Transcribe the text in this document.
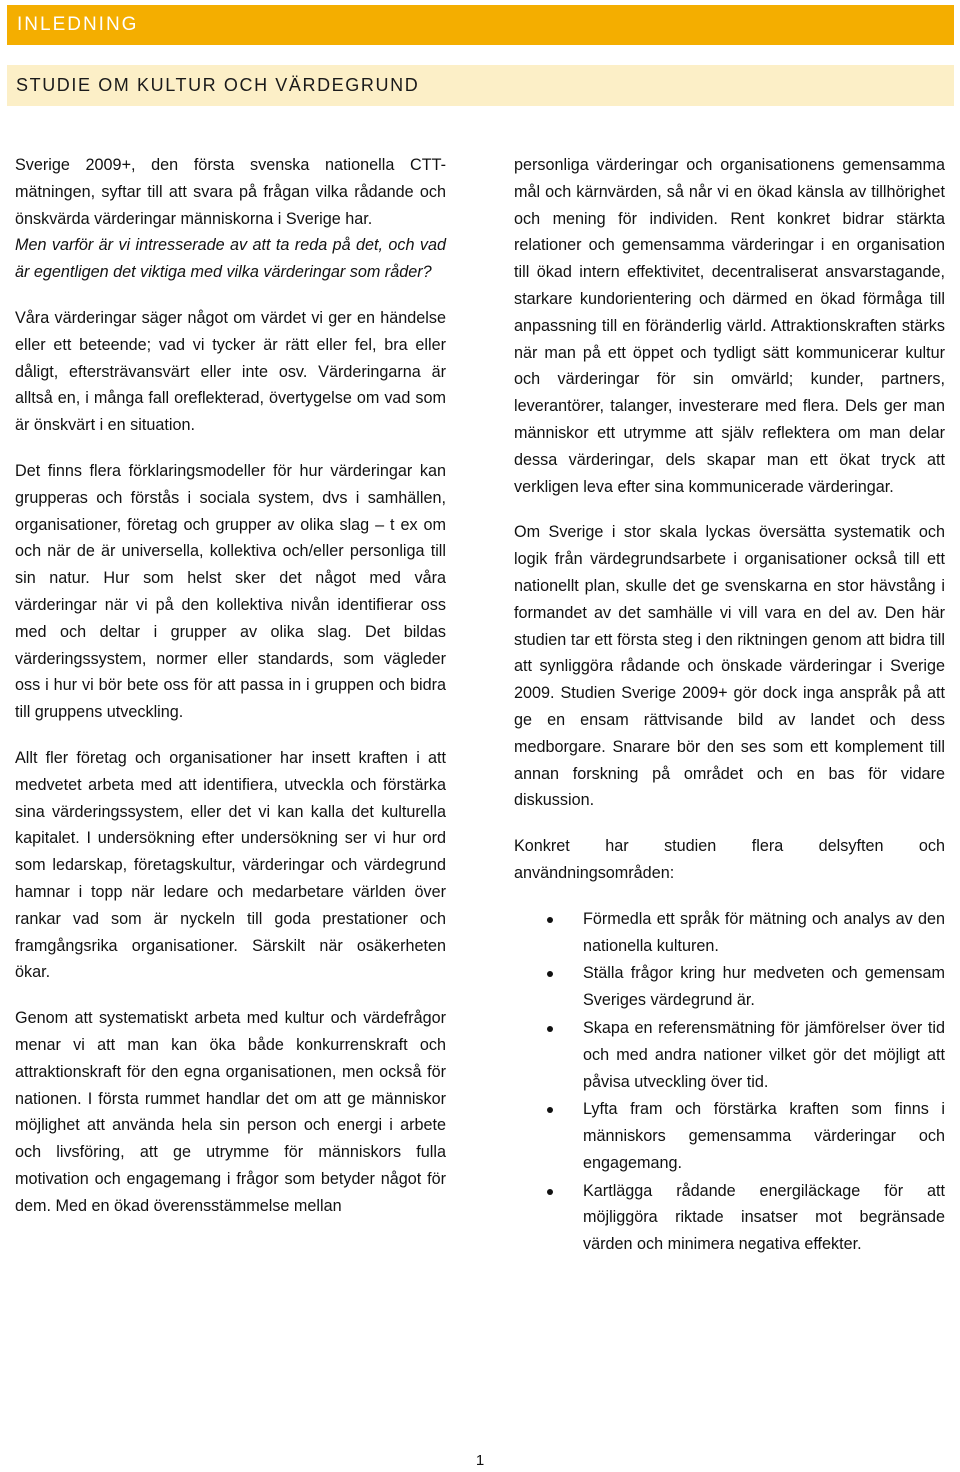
INLEDNING
STUDIE OM KULTUR OCH VÄRDEGRUND

Sverige 2009+, den första svenska nationella CTT-mätningen, syftar till att svara på frågan vilka rådande och önskvärda värderingar människorna i Sverige har.

Men varför är vi intresserade av att ta reda på det, och vad är egentligen det viktiga med vilka värderingar som råder?

Våra värderingar säger något om värdet vi ger en händelse eller ett beteende; vad vi tycker är rätt eller fel, bra eller dåligt, eftersträvansvärt eller inte osv. Värderingarna är alltså en, i många fall oreflekterad, övertygelse om vad som är önskvärt i en situation.

Det finns flera förklaringsmodeller för hur värderingar kan grupperas och förstås i sociala system, dvs i samhällen, organisationer, företag och grupper av olika slag – t ex om och när de är universella, kollektiva och/eller personliga till sin natur. Hur som helst sker det något med våra värderingar när vi på den kollektiva nivån identifierar oss med och deltar i grupper av olika slag. Det bildas värderingssystem, normer eller standards, som vägleder oss i hur vi bör bete oss för att passa in i gruppen och bidra till gruppens utveckling.

Allt fler företag och organisationer har insett kraften i att medvetet arbeta med att identifiera, utveckla och förstärka sina värderingssystem, eller det vi kan kalla det kulturella kapitalet. I undersökning efter undersökning ser vi hur ord som ledarskap, företagskultur, värderingar och värdegrund hamnar i topp när ledare och medarbetare världen över rankar vad som är nyckeln till goda prestationer och framgångsrika organisationer. Särskilt när osäkerheten ökar.

Genom att systematiskt arbeta med kultur och värdefrågor menar vi att man kan öka både konkurrenskraft och attraktionskraft för den egna organisationen, men också för nationen. I första rummet handlar det om att ge människor möjlighet att använda hela sin person och energi i arbete och livsföring, att ge utrymme för människors fulla motivation och engagemang i frågor som betyder något för dem. Med en ökad överensstämmelse mellan

personliga värderingar och organisationens gemensamma mål och kärnvärden, så når vi en ökad känsla av tillhörighet och mening för individen. Rent konkret bidrar stärkta relationer och gemensamma värderingar i en organisation till ökad intern effektivitet, decentraliserat ansvarstagande, starkare kundorientering och därmed en ökad förmåga till anpassning till en föränderlig värld. Attraktionskraften stärks när man på ett öppet och tydligt sätt kommunicerar kultur och värderingar för sin omvärld; kunder, partners, leverantörer, talanger, investerare med flera. Dels ger man människor ett utrymme att själv reflektera om man delar dessa värderingar, dels skapar man ett ökat tryck att verkligen leva efter sina kommunicerade värderingar.

Om Sverige i stor skala lyckas översätta systematik och logik från värdegrundsarbete i organisationer också till ett nationellt plan, skulle det ge svenskarna en stor hävstång i formandet av det samhälle vi vill vara en del av. Den här studien tar ett första steg i den riktningen genom att bidra till att synliggöra rådande och önskade värderingar i Sverige 2009. Studien Sverige 2009+ gör dock inga anspråk på att ge en ensam rättvisande bild av landet och dess medborgare. Snarare bör den ses som ett komplement till annan forskning på området och en bas för vidare diskussion.

Konkret har studien flera delsyften och användningsområden:

Förmedla ett språk för mätning och analys av den nationella kulturen.
Ställa frågor kring hur medveten och gemensam Sveriges värdegrund är.
Skapa en referensmätning för jämförelser över tid och med andra nationer vilket gör det möjligt att påvisa utveckling över tid.
Lyfta fram och förstärka kraften som finns i människors gemensamma värderingar och engagemang.
Kartlägga rådande energiläckage för att möjliggöra riktade insatser mot begränsade värden och minimera negativa effekter.
1
